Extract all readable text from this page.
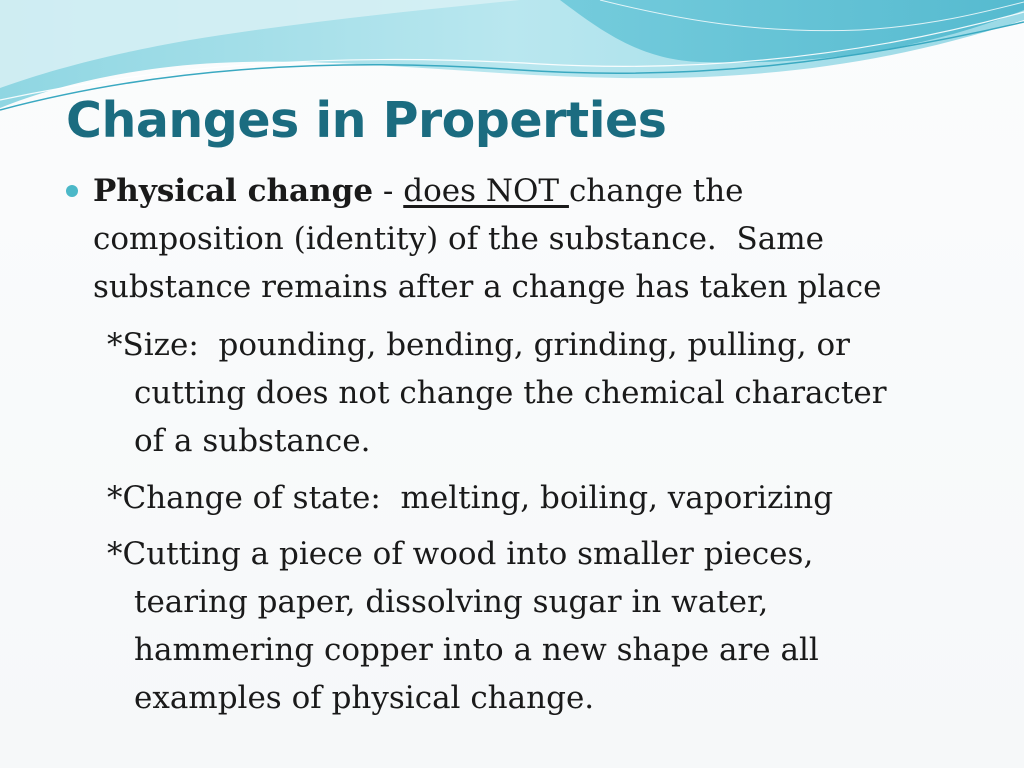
Changes in Properties

Physical change - does NOT change the
composition (identity) of the substance.  Same
substance remains after a change has taken place

*Size:  pounding, bending, grinding, pulling, or
cutting does not change the chemical character
of a substance.

*Change of state:  melting, boiling, vaporizing

*Cutting a piece of wood into smaller pieces,
tearing paper, dissolving sugar in water,
hammering copper into a new shape are all
examples of physical change.
